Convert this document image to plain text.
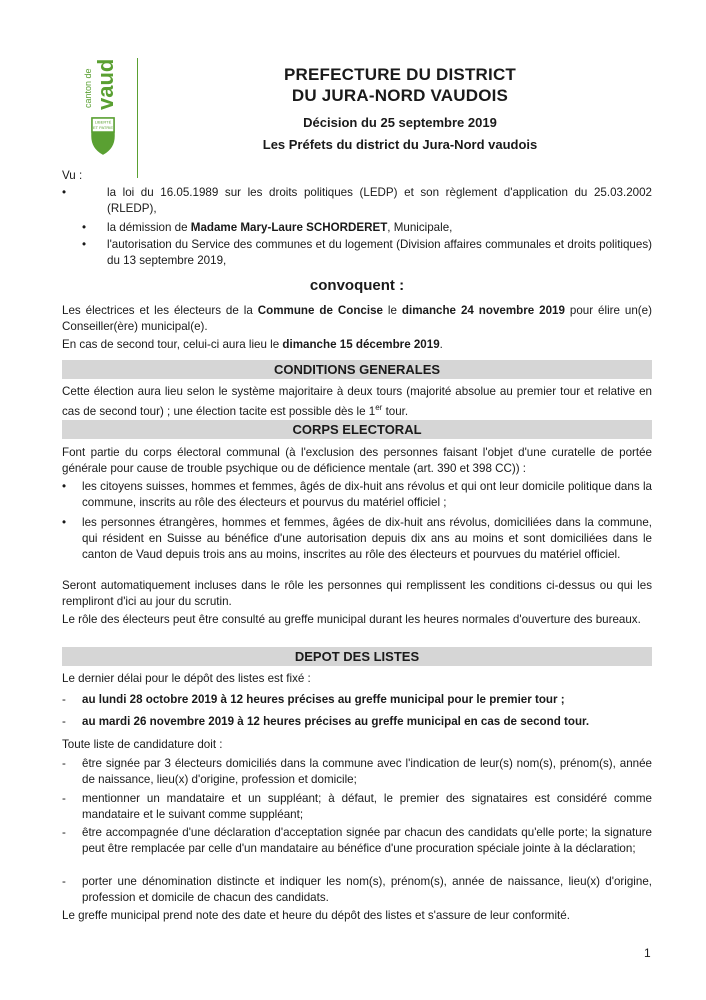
canton de vaud
LIBERTÉ
ET PATRIE
PREFECTURE DU DISTRICT
DU JURA-NORD VAUDOIS
Décision du 25 septembre 2019
Les Préfets du district du Jura-Nord vaudois
Vu :
•	la loi du 16.05.1989 sur les droits politiques (LEDP) et son règlement d'application du 25.03.2002 (RLEDP),

• la démission de Madame Mary-Laure SCHORDERET, Municipale,

• l'autorisation du Service des communes et du logement (Division affaires communales et droits politiques) du 13 septembre 2019,

convoquent :

Les électrices et les électeurs de la Commune de Concise le dimanche 24 novembre 2019 pour élire un(e) Conseiller(ère) municipal(e).

En cas de second tour, celui-ci aura lieu le dimanche 15 décembre 2019.

CONDITIONS GENERALES

Cette élection aura lieu selon le système majoritaire à deux tours (majorité absolue au premier tour et relative en cas de second tour) ; une élection tacite est possible dès le 1er tour.

CORPS ELECTORAL

Font partie du corps électoral communal (à l'exclusion des personnes faisant l'objet d'une curatelle de portée générale pour cause de trouble psychique ou de déficience mentale (art. 390 et 398 CC)) :

• les citoyens suisses, hommes et femmes, âgés de dix-huit ans révolus et qui ont leur domicile politique dans la commune, inscrits au rôle des électeurs et pourvus du matériel officiel ;

• les personnes étrangères, hommes et femmes, âgées de dix-huit ans révolus, domiciliées dans la commune, qui résident en Suisse au bénéfice d'une autorisation depuis dix ans au moins et sont domiciliées dans le canton de Vaud depuis trois ans au moins, inscrites au rôle des électeurs et pourvues du matériel officiel.

Seront automatiquement incluses dans le rôle les personnes qui remplissent les conditions ci-dessus ou qui les rempliront d'ici au jour du scrutin.

Le rôle des électeurs peut être consulté au greffe municipal durant les heures normales d'ouverture des bureaux.

DEPOT DES LISTES

Le dernier délai pour le dépôt des listes est fixé :

- au lundi 28 octobre 2019 à 12 heures précises au greffe municipal pour le premier tour ;

- au mardi 26 novembre 2019 à 12 heures précises au greffe municipal en cas de second tour.

Toute liste de candidature doit :

- être signée par 3 électeurs domiciliés dans la commune avec l'indication de leur(s) nom(s), prénom(s), année de naissance, lieu(x) d'origine, profession et domicile;

- mentionner un mandataire et un suppléant; à défaut, le premier des signataires est considéré comme mandataire et le suivant comme suppléant;

- être accompagnée d'une déclaration d'acceptation signée par chacun des candidats qu'elle porte; la signature peut être remplacée par celle d'un mandataire au bénéfice d'une procuration spéciale jointe à la déclaration;

- porter une dénomination distincte et indiquer les nom(s), prénom(s), année de naissance, lieu(x) d'origine, profession et domicile de chacun des candidats.

Le greffe municipal prend note des date et heure du dépôt des listes et s'assure de leur conformité.

1
